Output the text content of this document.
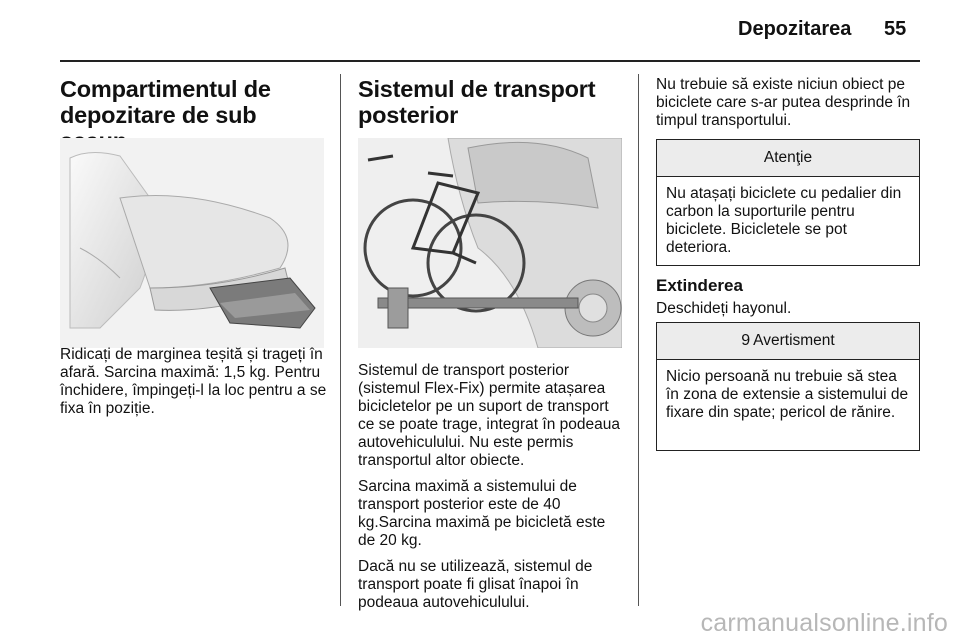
Depozitarea 55
Compartimentul de depozitare de sub

Ridicați de marginea teșită și trageți în afară. Sarcina maximă: 1,5 kg. Pentru închidere, împingeți-l la loc pentru a se fixa în poziție.

Sistemul de transport posterior

Sistemul de transport posterior (sistemul Flex-Fix) permite atașarea bicicletelor pe un suport de transport ce se poate trage, integrat în podeaua autovehiculului. Nu este permis transportul altor obiecte.

Sarcina maximă a sistemului de transport posterior este de 40 kg.Sarcina maximă pe bicicletă este de 20 kg.

Dacă nu se utilizează, sistemul de transport poate fi glisat înapoi în podeaua autovehiculului.

Nu trebuie să existe niciun obiect pe biciclete care s-ar putea desprinde în timpul transportului.

Atenţie
Nu atașați biciclete cu pedalier din carbon la suporturile pentru biciclete. Bicicletele se pot deteriora.
Extinderea

Deschideți hayonul.

9 Avertisment
Nicio persoană nu trebuie să stea în zona de extensie a sistemului de fixare din spate; pericol de rănire.
carmanualsonline.info
